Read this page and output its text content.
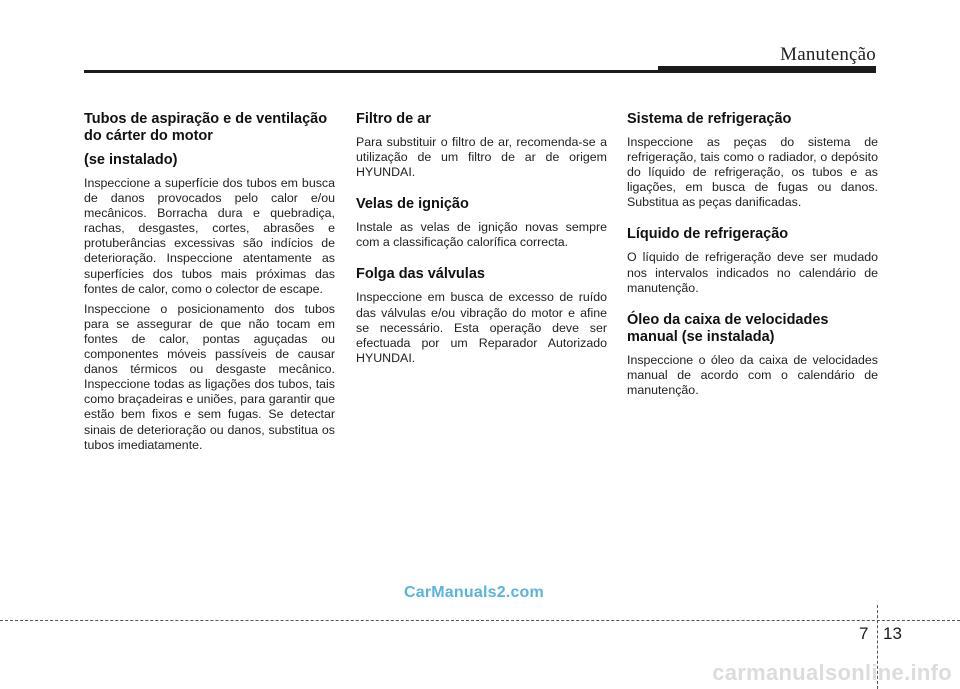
Manutenção
Tubos de aspiração e de ventilação do cárter do motor
(se instalado)

Inspeccione a superfície dos tubos em busca de danos provocados pelo calor e/ou mecânicos. Borracha dura e quebradiça, rachas, desgastes, cortes, abrasões e protuberâncias excessivas são indícios de deterioração. Inspeccione atentamente as superfícies dos tubos mais próximas das fontes de calor, como o colector de escape.

Inspeccione o posicionamento dos tubos para se assegurar de que não tocam em fontes de calor, pontas aguçadas ou componentes móveis passíveis de causar danos térmicos ou desgaste mecânico. Inspeccione todas as ligações dos tubos, tais como braçadeiras e uniões, para garantir que estão bem fixos e sem fugas. Se detectar sinais de deterioração ou danos, substitua os tubos imediatamente.

Filtro de ar

Para substituir o filtro de ar, recomenda-se a utilização de um filtro de ar de origem HYUNDAI.

Velas de ignição

Instale as velas de ignição novas sempre com a classificação calorífica correcta.

Folga das válvulas

Inspeccione em busca de excesso de ruído das válvulas e/ou vibração do motor e afine se necessário. Esta operação deve ser efectuada por um Reparador Autorizado HYUNDAI.

Sistema de refrigeração

Inspeccione as peças do sistema de refrigeração, tais como o radiador, o depósito do líquido de refrigeração, os tubos e as ligações, em busca de fugas ou danos. Substitua as peças danificadas.

Líquido de refrigeração

O líquido de refrigeração deve ser mudado nos intervalos indicados no calendário de manutenção.

Óleo da caixa de velocidades manual (se instalada)

Inspeccione o óleo da caixa de velocidades manual de acordo com o calendário de manutenção.

CarManuals2.com
7 13
carmanualsonline.info
